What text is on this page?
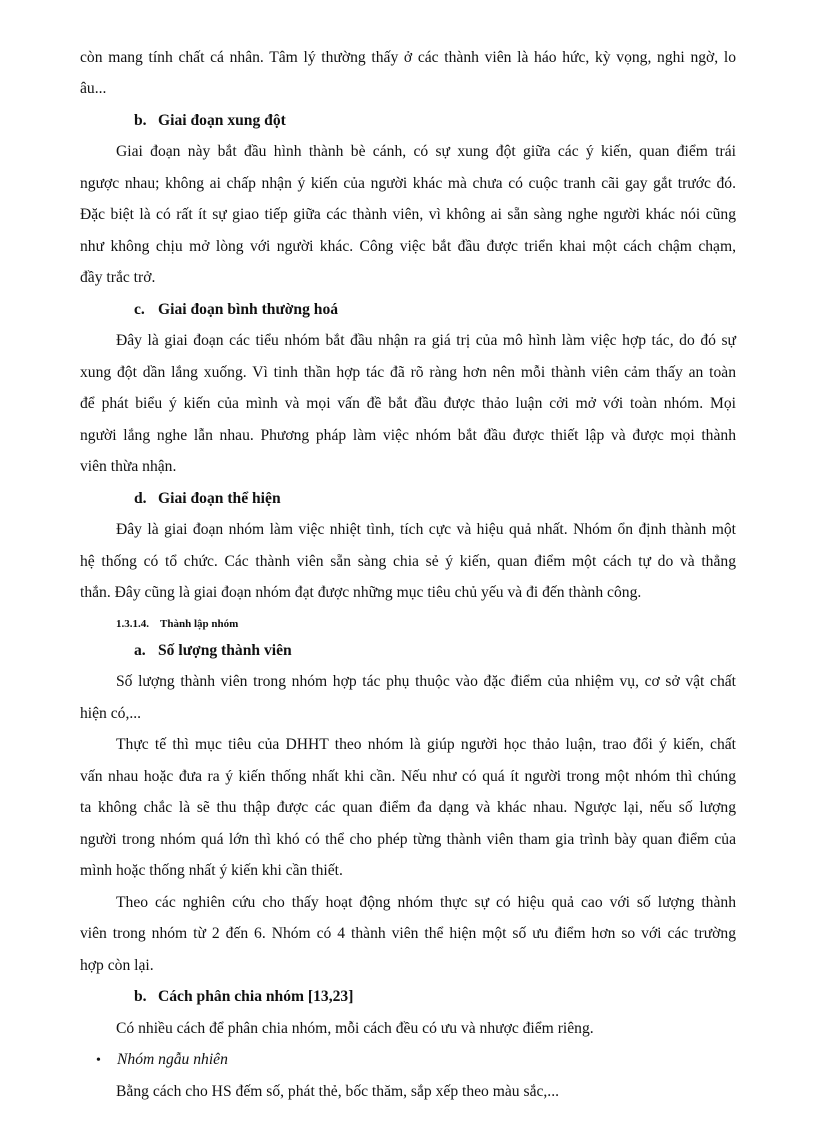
còn mang tính chất cá nhân. Tâm lý thường thấy ở các thành viên là háo hức, kỳ vọng, nghi ngờ, lo
âu...
b. Giai đoạn xung đột
Giai đoạn này bắt đầu hình thành bè cánh, có sự xung đột giữa các ý kiến, quan điểm trái
ngược nhau; không ai chấp nhận ý kiến của người khác mà chưa có cuộc tranh cãi gay gắt trước đó.
Đặc biệt là có rất ít sự giao tiếp giữa các thành viên, vì không ai sẵn sàng nghe người khác nói cũng
như không chịu mở lòng với người khác. Công việc bắt đầu được triển khai một cách chậm chạm,
đầy trắc trở.
c. Giai đoạn bình thường hoá
Đây là giai đoạn các tiểu nhóm bắt đầu nhận ra giá trị của mô hình làm việc hợp tác, do đó sự
xung đột dần lắng xuống. Vì tinh thần hợp tác đã rõ ràng hơn nên mỗi thành viên cảm thấy an toàn
để phát biểu ý kiến của mình và mọi vấn đề bắt đầu được thảo luận cởi mở với toàn nhóm. Mọi
người lắng nghe lẫn nhau. Phương pháp làm việc nhóm bắt đầu được thiết lập và được mọi thành
viên thừa nhận.
d. Giai đoạn thể hiện
Đây là giai đoạn nhóm làm việc nhiệt tình, tích cực và hiệu quả nhất. Nhóm ổn định thành một
hệ thống có tổ chức. Các thành viên sẵn sàng chia sẻ ý kiến, quan điểm một cách tự do và thẳng
thắn. Đây cũng là giai đoạn nhóm đạt được những mục tiêu chủ yếu và đi đến thành công.
1.3.1.4. Thành lập nhóm
a. Số lượng thành viên
Số lượng thành viên trong nhóm hợp tác phụ thuộc vào đặc điểm của nhiệm vụ, cơ sở vật chất
hiện có,...
Thực tế thì mục tiêu của DHHT theo nhóm là giúp người học thảo luận, trao đổi ý kiến, chất
vấn nhau hoặc đưa ra ý kiến thống nhất khi cần. Nếu như có quá ít người trong một nhóm thì chúng
ta không chắc là sẽ thu thập được các quan điểm đa dạng và khác nhau. Ngược lại, nếu số lượng
người trong nhóm quá lớn thì khó có thể cho phép từng thành viên tham gia trình bày quan điểm của
mình hoặc thống nhất ý kiến khi cần thiết.
Theo các nghiên cứu cho thấy hoạt động nhóm thực sự có hiệu quả cao với số lượng thành
viên trong nhóm từ 2 đến 6. Nhóm có 4 thành viên thể hiện một số ưu điểm hơn so với các trường
hợp còn lại.
b. Cách phân chia nhóm [13,23]
Có nhiều cách để phân chia nhóm, mỗi cách đều có ưu và nhược điểm riêng.
• Nhóm ngẫu nhiên
Bằng cách cho HS đếm số, phát thẻ, bốc thăm, sắp xếp theo màu sắc,...
